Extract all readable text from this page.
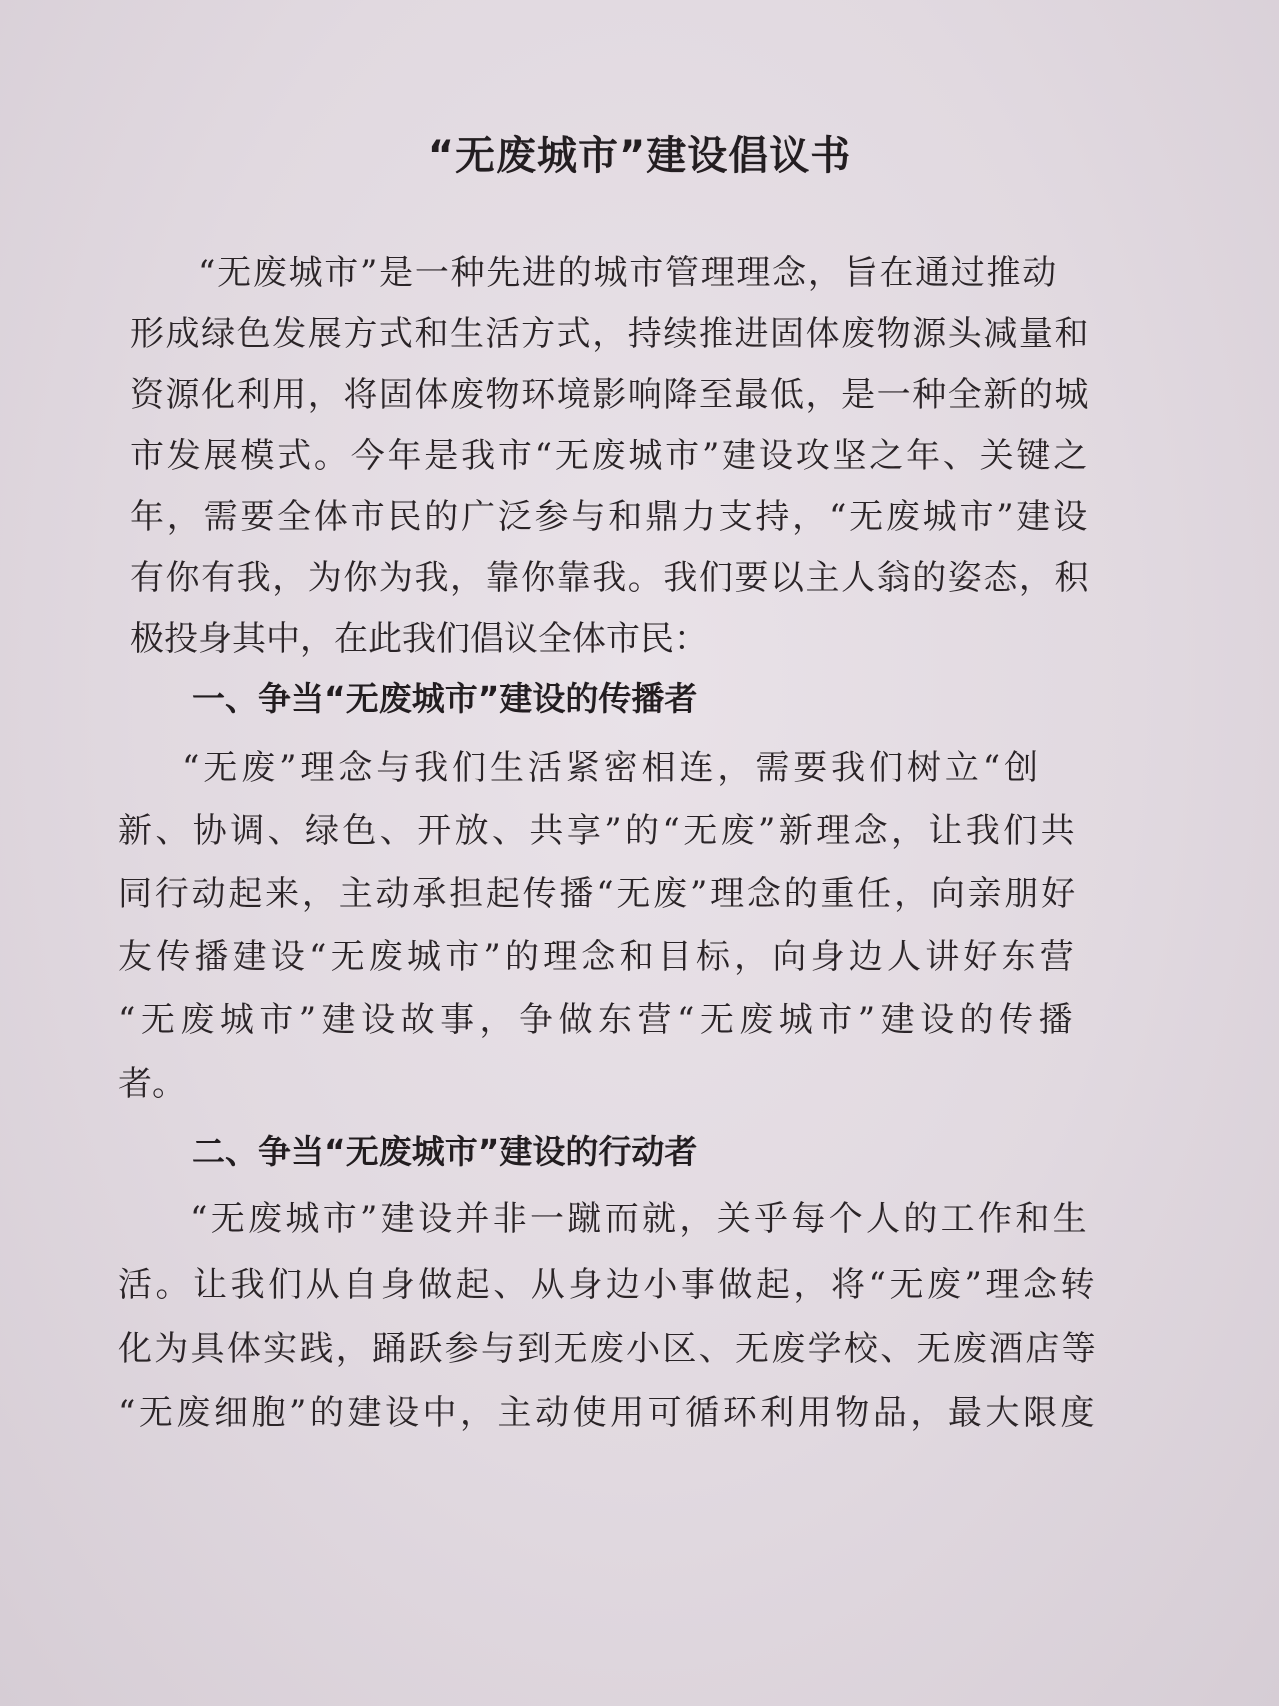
“无废城市”建设倡议书
“无废城市”是一种先进的城市管理理念，旨在通过推动
形成绿色发展方式和生活方式，持续推进固体废物源头减量和
资源化利用，将固体废物环境影响降至最低，是一种全新的城
市发展模式。今年是我市“无废城市”建设攻坚之年、关键之
年，需要全体市民的广泛参与和鼎力支持，“无废城市”建设
有你有我，为你为我，靠你靠我。我们要以主人翁的姿态，积
极投身其中，在此我们倡议全体市民：
一、争当“无废城市”建设的传播者
“无废”理念与我们生活紧密相连，需要我们树立“创
新、协调、绿色、开放、共享”的“无废”新理念，让我们共
同行动起来，主动承担起传播“无废”理念的重任，向亲朋好
友传播建设“无废城市”的理念和目标，向身边人讲好东营
“无废城市”建设故事，争做东营“无废城市”建设的传播
者。
二、争当“无废城市”建设的行动者
“无废城市”建设并非一蹴而就，关乎每个人的工作和生
活。让我们从自身做起、从身边小事做起，将“无废”理念转
化为具体实践，踊跃参与到无废小区、无废学校、无废酒店等
“无废细胞”的建设中，主动使用可循环利用物品，最大限度
